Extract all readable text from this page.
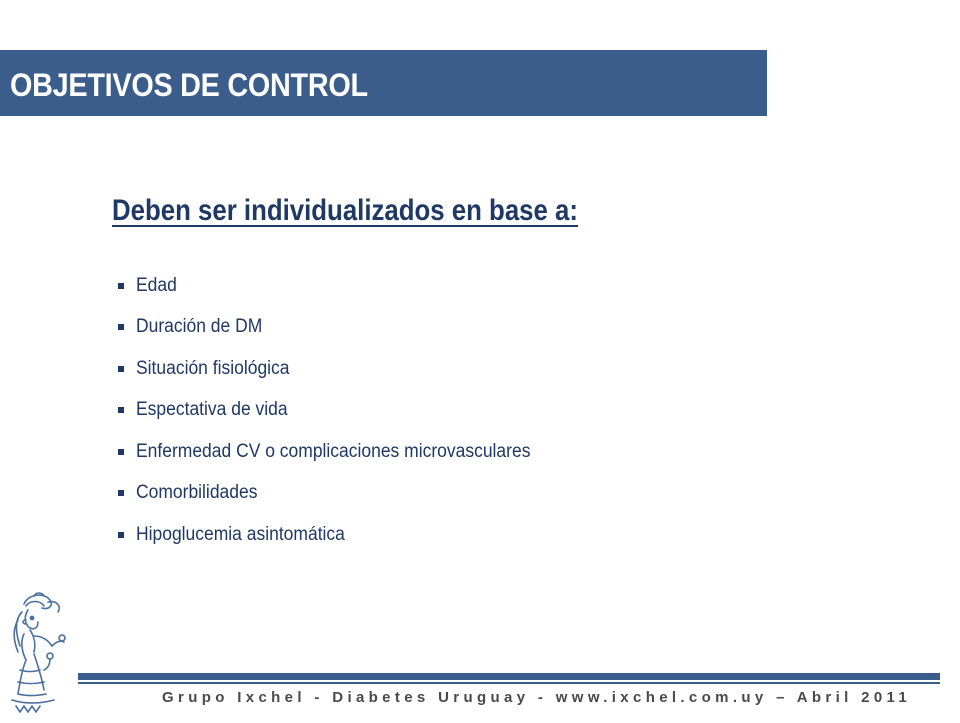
OBJETIVOS DE CONTROL
Deben ser individualizados en base a:
Edad
Duración de DM
Situación fisiológica
Espectativa de vida
Enfermedad CV o complicaciones microvasculares
Comorbilidades
Hipoglucemia asintomática
Grupo Ixchel - Diabetes Uruguay - www.ixchel.com.uy – Abril 2011
